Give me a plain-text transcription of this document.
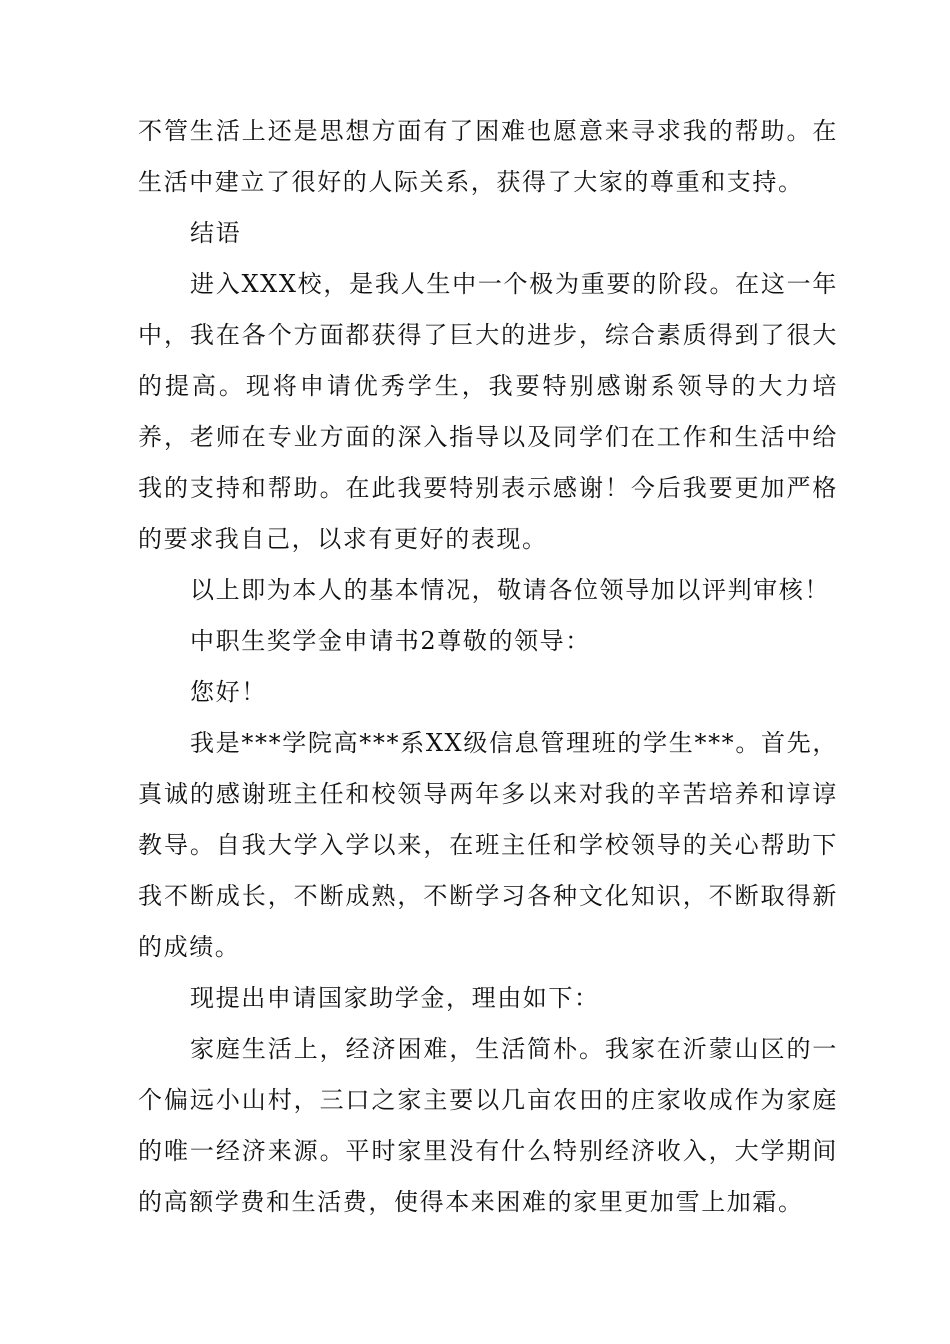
不管生活上还是思想方面有了困难也愿意来寻求我的帮助。在生活中建立了很好的人际关系，获得了大家的尊重和支持。

结语

进入XXX校，是我人生中一个极为重要的阶段。在这一年中，我在各个方面都获得了巨大的进步，综合素质得到了很大的提高。现将申请优秀学生，我要特别感谢系领导的大力培养，老师在专业方面的深入指导以及同学们在工作和生活中给我的支持和帮助。在此我要特别表示感谢！今后我要更加严格的要求我自己，以求有更好的表现。

以上即为本人的基本情况，敬请各位领导加以评判审核！

中职生奖学金申请书2尊敬的领导：

您好！

我是***学院高***系XX级信息管理班的学生***。首先，真诚的感谢班主任和校领导两年多以来对我的辛苦培养和谆谆教导。自我大学入学以来，在班主任和学校领导的关心帮助下我不断成长，不断成熟，不断学习各种文化知识，不断取得新的成绩。

现提出申请国家助学金，理由如下：

家庭生活上，经济困难，生活简朴。我家在沂蒙山区的一个偏远小山村，三口之家主要以几亩农田的庄家收成作为家庭的唯一经济来源。平时家里没有什么特别经济收入，大学期间的高额学费和生活费，使得本来困难的家里更加雪上加霜。
